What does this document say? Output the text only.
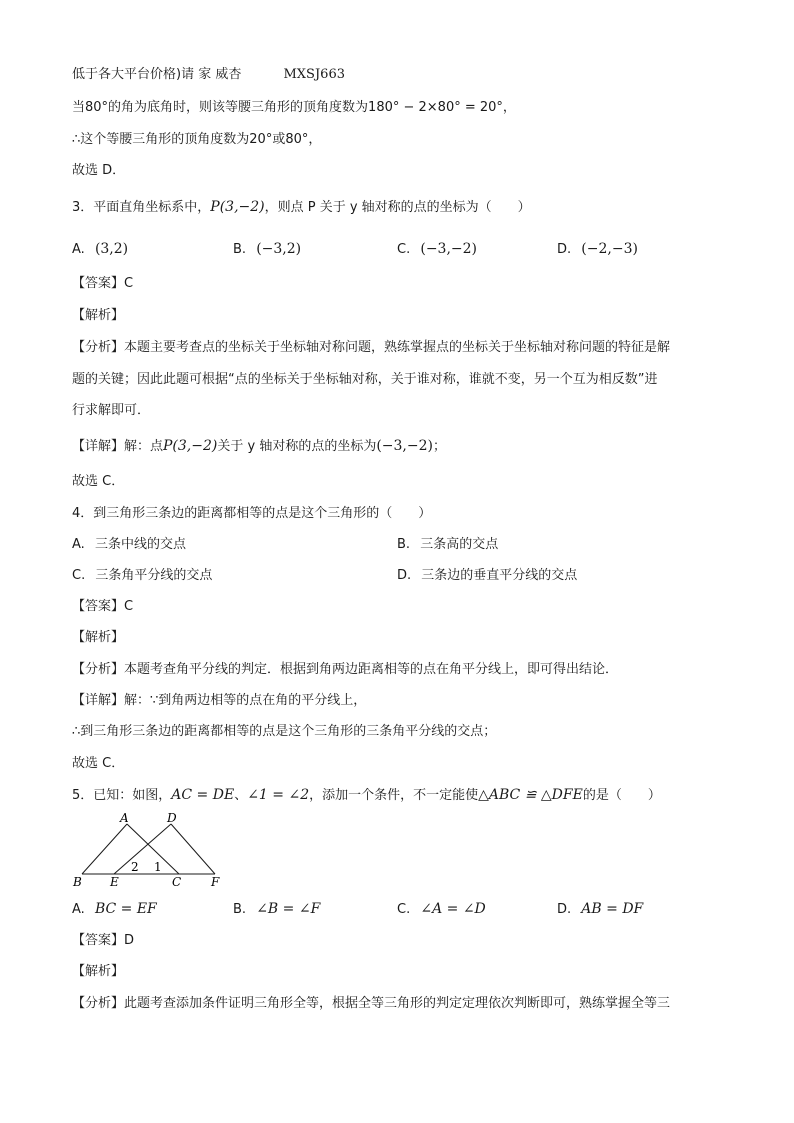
低于各大平台价格)请 家 威杏	MXSJ663
当80°的角为底角时，则该等腰三角形的顶角度数为180° − 2×80° = 20°，
∴这个等腰三角形的顶角度数为20°或80°，
故选 D．
3．平面直角坐标系中，P(3,−2)，则点 P 关于 y 轴对称的点的坐标为（　　）
A. (3,2)	B. (−3,2)	C. (−3,−2)	D. (−2,−3)
【答案】C
【解析】
【分析】本题主要考查点的坐标关于坐标轴对称问题，熟练掌握点的坐标关于坐标轴对称问题的特征是解
题的关键；因此此题可根据“点的坐标关于坐标轴对称，关于谁对称，谁就不变，另一个互为相反数”进
行求解即可．
【详解】解：点P(3,−2)关于 y 轴对称的点的坐标为(−3,−2)；
故选 C．
4．到三角形三条边的距离都相等的点是这个三角形的（　　）
A. 三条中线的交点	B. 三条高的交点
C. 三条角平分线的交点	D. 三条边的垂直平分线的交点
【答案】C
【解析】
【分析】本题考查角平分线的判定．根据到角两边距离相等的点在角平分线上，即可得出结论．
【详解】解：∵到角两边相等的点在角的平分线上，
∴到三角形三条边的距离都相等的点是这个三角形的三条角平分线的交点；
故选 C．
5．已知：如图，AC = DE、∠1 = ∠2，添加一个条件，不一定能使△ABC ≌ △DFE的是（　　）
A	D
B E	C F
2 1
A. BC = EF	B. ∠B = ∠F	C. ∠A = ∠D	D. AB = DF
【答案】D
【解析】
【分析】此题考查添加条件证明三角形全等，根据全等三角形的判定定理依次判断即可，熟练掌握全等三
